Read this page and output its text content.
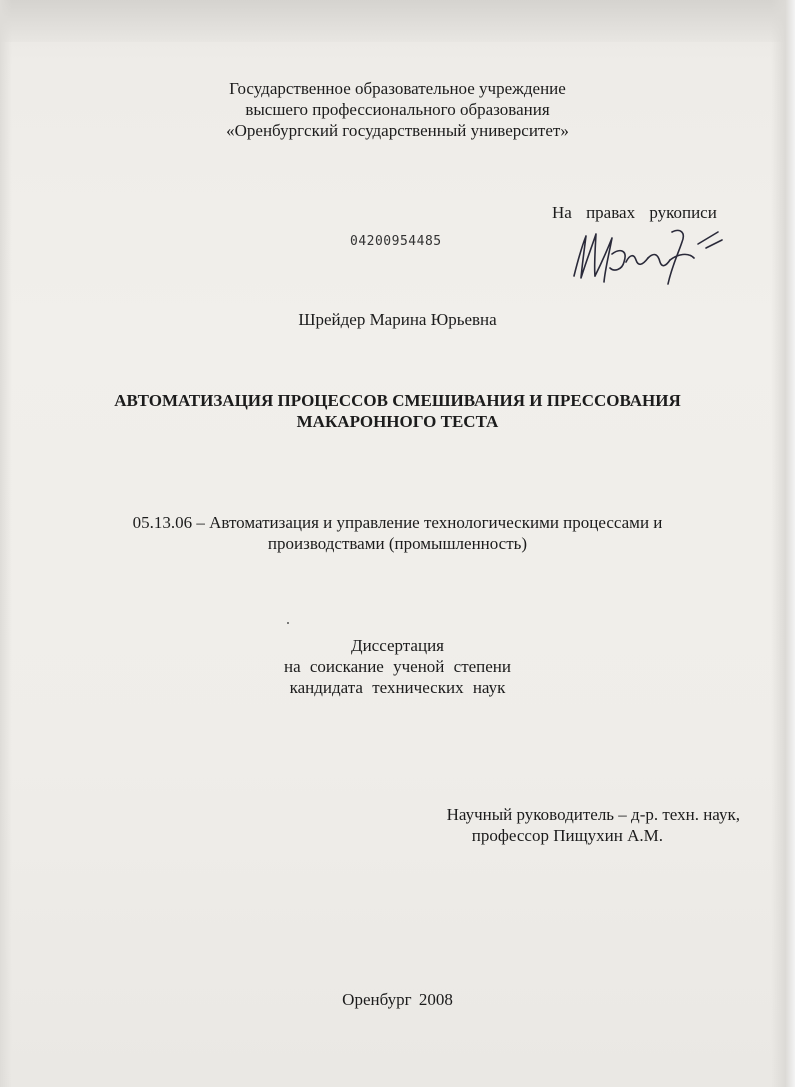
Государственное образовательное учреждение
высшего профессионального образования
«Оренбургский государственный университет»
На правах рукописи
04200954485
Шрейдер Марина Юрьевна
АВТОМАТИЗАЦИЯ ПРОЦЕССОВ СМЕШИВАНИЯ И ПРЕССОВАНИЯ
МАКАРОННОГО ТЕСТА
05.13.06 – Автоматизация и управление технологическими процессами и
производствами (промышленность)
Диссертация
на соискание ученой степени
кандидата технических наук
Научный руководитель – д-р. техн. наук,
профессор Пищухин А.М.
Оренбург 2008
